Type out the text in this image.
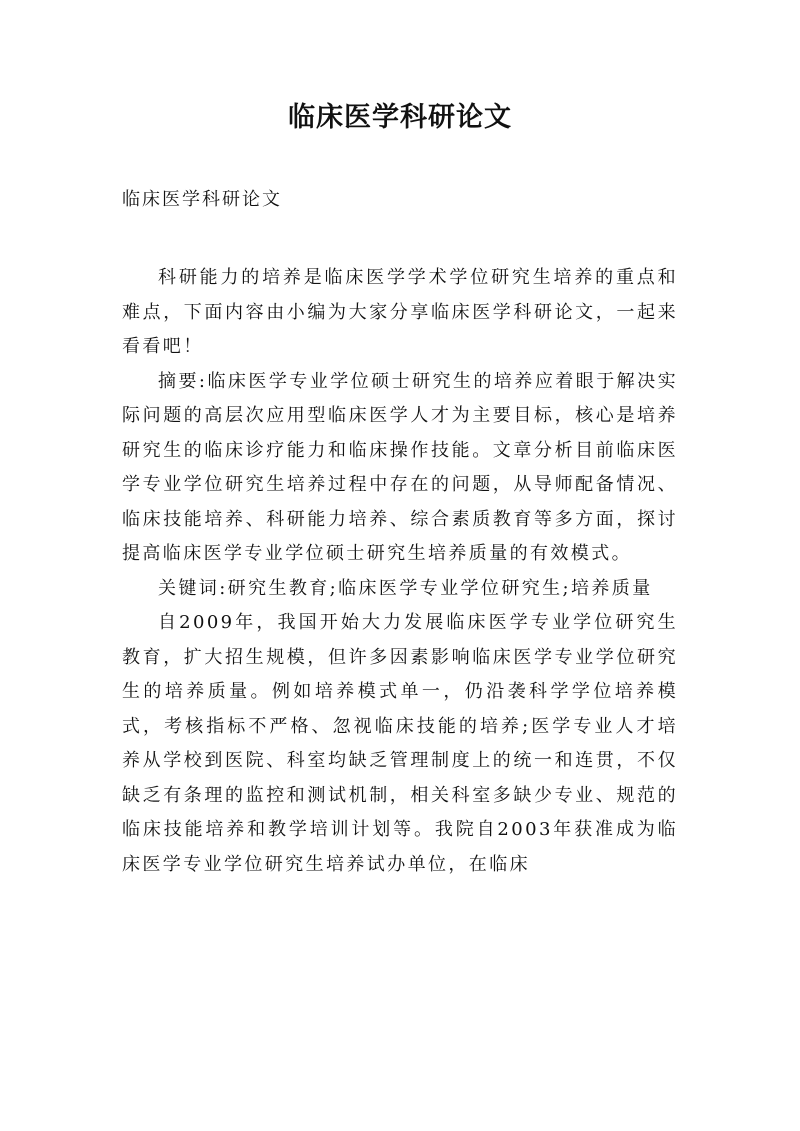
临床医学科研论文
临床医学科研论文

科研能力的培养是临床医学学术学位研究生培养的重点和难点，下面内容由小编为大家分享临床医学科研论文，一起来看看吧！

摘要:临床医学专业学位硕士研究生的培养应着眼于解决实际问题的高层次应用型临床医学人才为主要目标，核心是培养研究生的临床诊疗能力和临床操作技能。文章分析目前临床医学专业学位研究生培养过程中存在的问题，从导师配备情况、临床技能培养、科研能力培养、综合素质教育等多方面，探讨提高临床医学专业学位硕士研究生培养质量的有效模式。

关键词:研究生教育;临床医学专业学位研究生;培养质量

自2009年，我国开始大力发展临床医学专业学位研究生教育，扩大招生规模，但许多因素影响临床医学专业学位研究生的培养质量。例如培养模式单一，仍沿袭科学学位培养模式，考核指标不严格、忽视临床技能的培养;医学专业人才培养从学校到医院、科室均缺乏管理制度上的统一和连贯，不仅缺乏有条理的监控和测试机制，相关科室多缺少专业、规范的临床技能培养和教学培训计划等。我院自2003年获准成为临床医学专业学位研究生培养试办单位，在临床
